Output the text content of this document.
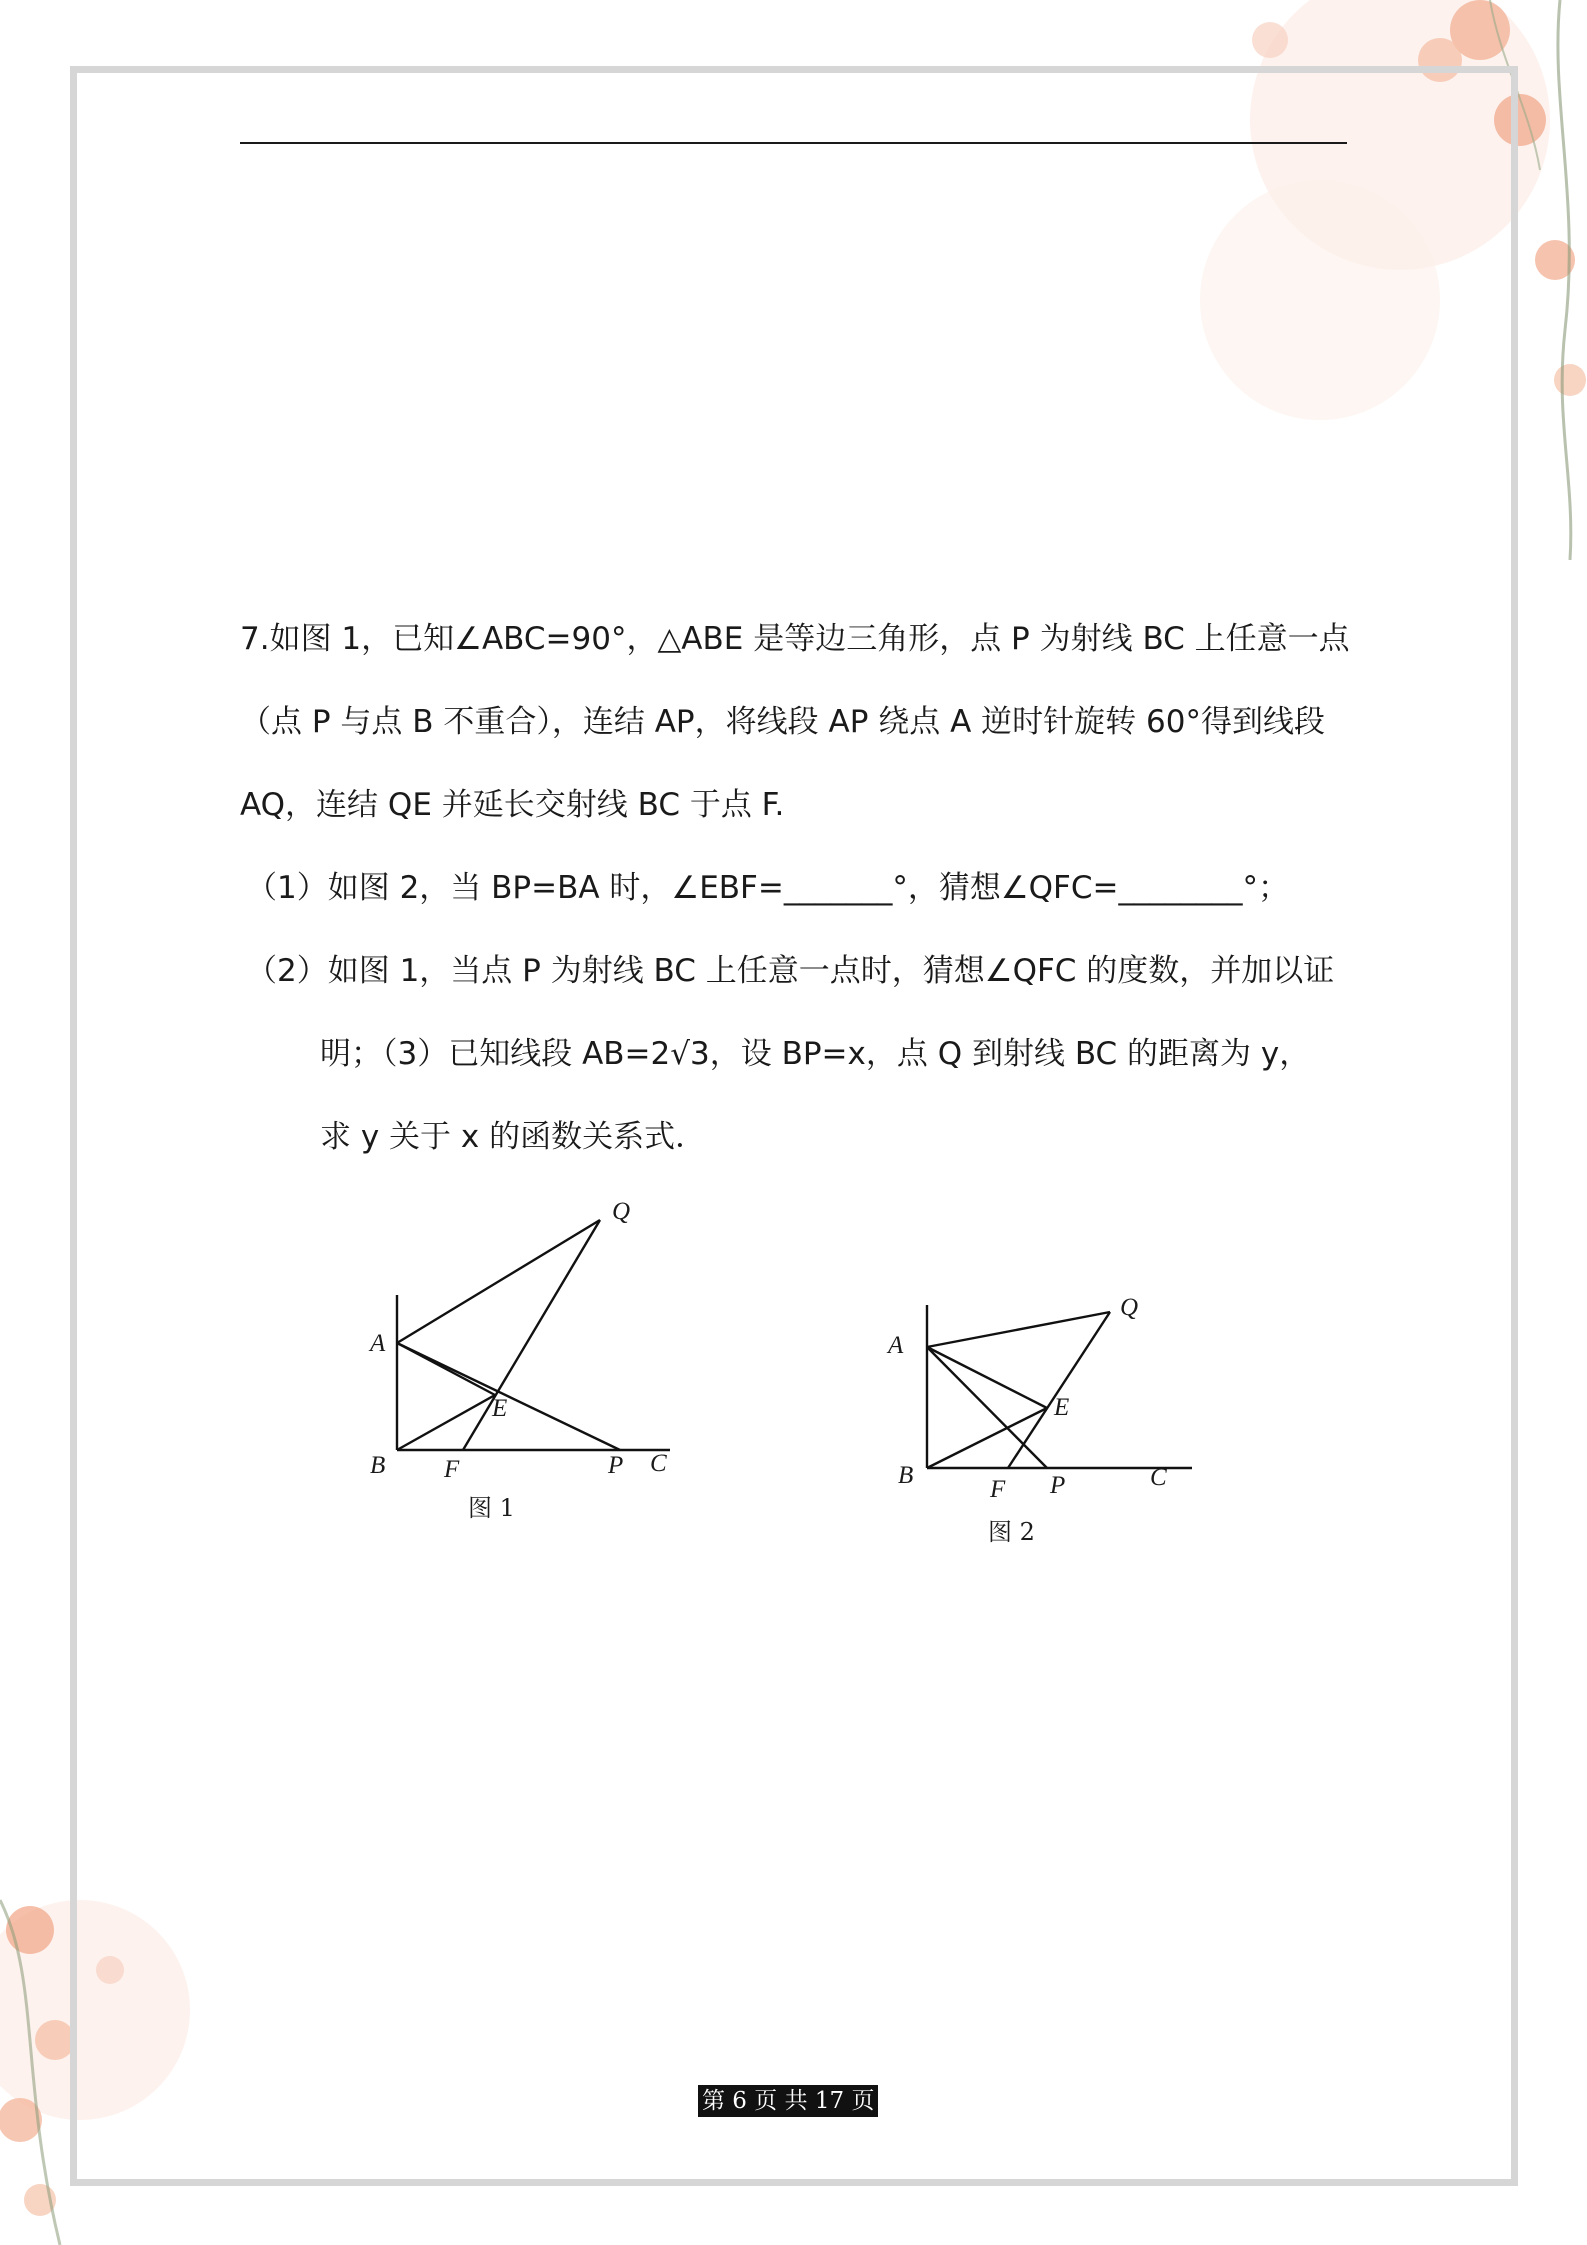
7.如图 1，已知∠ABC=90°，△ABE 是等边三角形，点 P 为射线 BC 上任意一点

（点 P 与点 B 不重合），连结 AP，将线段 AP 绕点 A 逆时针旋转 60°得到线段

AQ，连结 QE 并延长交射线 BC 于点 F.

（1）如图 2，当 BP=BA 时，∠EBF=_______°，猜想∠QFC=________°；

（2）如图 1，当点 P 为射线 BC 上任意一点时，猜想∠QFC 的度数，并加以证

明；（3）已知线段 AB=2√3，设 BP=x，点 Q 到射线 BC 的距离为 y，

求 y 关于 x 的函数关系式．

Q
A
E
B F	P C
图 1
Q
A
E
B
F P	C
图 2
第 6 页 共 17 页
